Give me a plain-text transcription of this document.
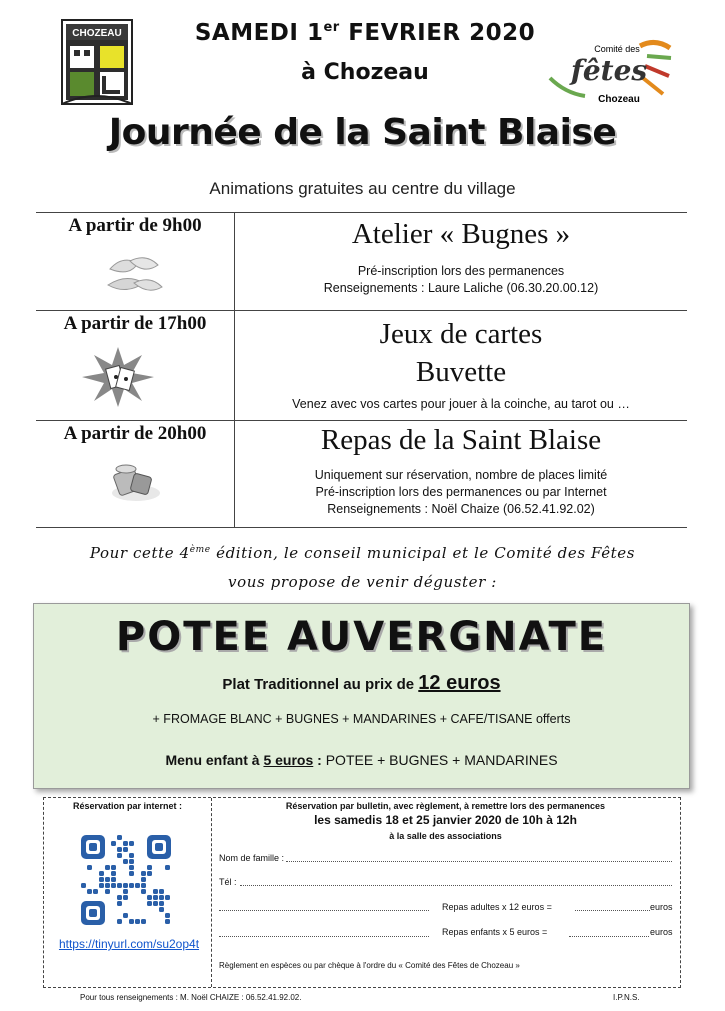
CHOZEAU
Comité des
fêtes
Chozeau
SAMEDI 1er FEVRIER 2020
à Chozeau
Journée de la Saint Blaise
Animations gratuites au centre du village
A partir de 9h00	Atelier « Bugnes »
Pré-inscription lors des permanences
Renseignements : Laure Laliche (06.30.20.00.12)
A partir de 17h00	Jeux de cartes
Buvette
Venez avec vos cartes pour jouer à la coinche, au tarot ou …
A partir de 20h00	Repas de la Saint Blaise
Uniquement sur réservation, nombre de places limité
Pré-inscription lors des permanences ou par Internet
Renseignements : Noël Chaize (06.52.41.92.02)
Pour cette 4ème édition, le conseil municipal et le Comité des Fêtes
vous propose de venir déguster :
POTEE AUVERGNATE
Plat Traditionnel au prix de 12 euros
+ FROMAGE BLANC + BUGNES + MANDARINES + CAFE/TISANE offerts
Menu enfant à 5 euros : POTEE + BUGNES + MANDARINES
Réservation par internet :
https://tinyurl.com/su2op4t
Réservation par bulletin, avec règlement, à remettre lors des permanences
les samedis 18 et 25 janvier 2020 de 10h à 12h
à la salle des associations
Nom de famille :
Tél :
Repas adultes x 12 euros =	euros
Repas enfants x 5 euros =	euros
Règlement en espèces ou par chèque à l'ordre du « Comité des Fêtes de Chozeau »
Pour tous renseignements : M. Noël CHAIZE : 06.52.41.92.02.	I.P.N.S.
